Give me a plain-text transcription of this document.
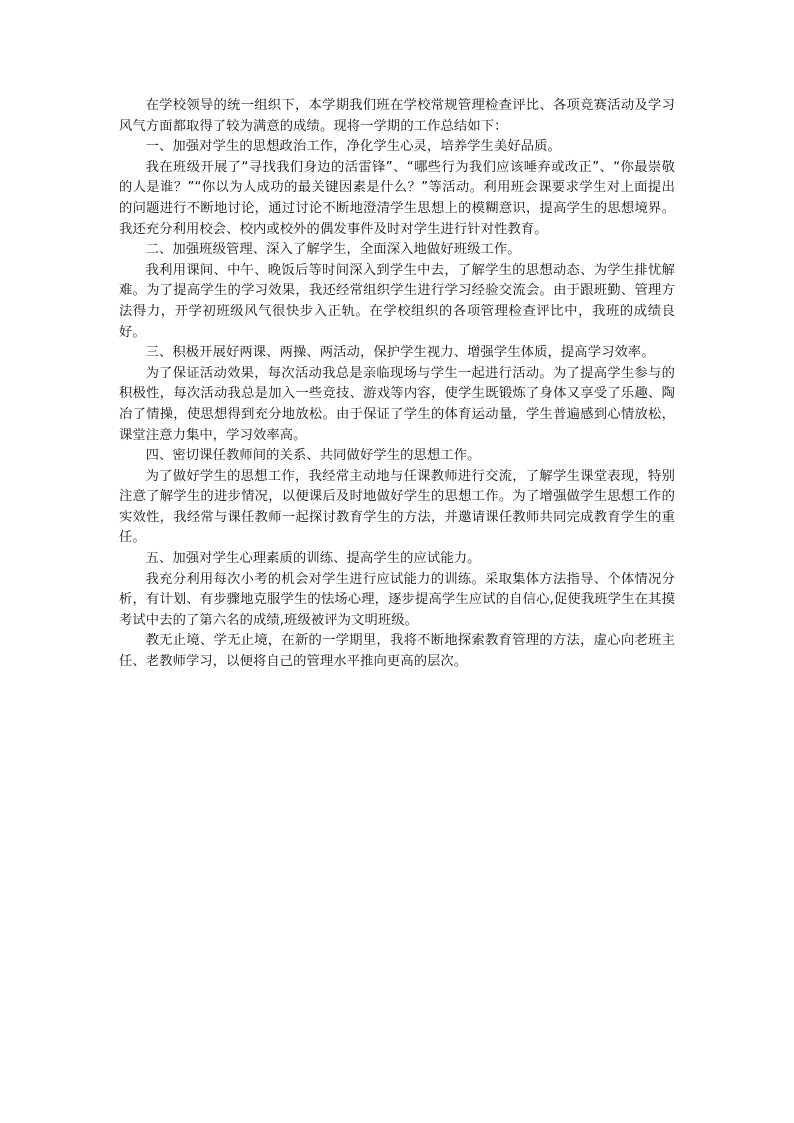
在学校领导的统一组织下，本学期我们班在学校常规管理检查评比、各项竞赛活动及学习风气方面都取得了较为满意的成绩。现将一学期的工作总结如下：

一、加强对学生的思想政治工作，净化学生心灵，培养学生美好品质。

我在班级开展了“寻找我们身边的活雷锋”、“哪些行为我们应该唾弃或改正”、“你最崇敬的人是谁？”“你以为人成功的最关键因素是什么？”等活动。利用班会课要求学生对上面提出的问题进行不断地讨论，通过讨论不断地澄清学生思想上的模糊意识，提高学生的思想境界。我还充分利用校会、校内或校外的偶发事件及时对学生进行针对性教育。

二、加强班级管理、深入了解学生，全面深入地做好班级工作。

我利用课间、中午、晚饭后等时间深入到学生中去，了解学生的思想动态、为学生排忧解难。为了提高学生的学习效果，我还经常组织学生进行学习经验交流会。由于跟班勤、管理方法得力，开学初班级风气很快步入正轨。在学校组织的各项管理检查评比中，我班的成绩良好。

三、积极开展好两课、两操、两活动，保护学生视力、增强学生体质，提高学习效率。

为了保证活动效果，每次活动我总是亲临现场与学生一起进行活动。为了提高学生参与的积极性，每次活动我总是加入一些竞技、游戏等内容，使学生既锻炼了身体又享受了乐趣、陶冶了情操，使思想得到充分地放松。由于保证了学生的体育运动量，学生普遍感到心情放松，课堂注意力集中，学习效率高。

四、密切课任教师间的关系、共同做好学生的思想工作。

为了做好学生的思想工作，我经常主动地与任课教师进行交流，了解学生课堂表现，特别注意了解学生的进步情况，以便课后及时地做好学生的思想工作。为了增强做学生思想工作的实效性，我经常与课任教师一起探讨教育学生的方法，并邀请课任教师共同完成教育学生的重任。

五、加强对学生心理素质的训练、提高学生的应试能力。

我充分利用每次小考的机会对学生进行应试能力的训练。采取集体方法指导、个体情况分析，有计划、有步骤地克服学生的怯场心理，逐步提高学生应试的自信心,促使我班学生在其摸考试中去的了第六名的成绩,班级被评为文明班级。

教无止境、学无止境，在新的一学期里，我将不断地探索教育管理的方法，虚心向老班主任、老教师学习，以便将自己的管理水平推向更高的层次。
